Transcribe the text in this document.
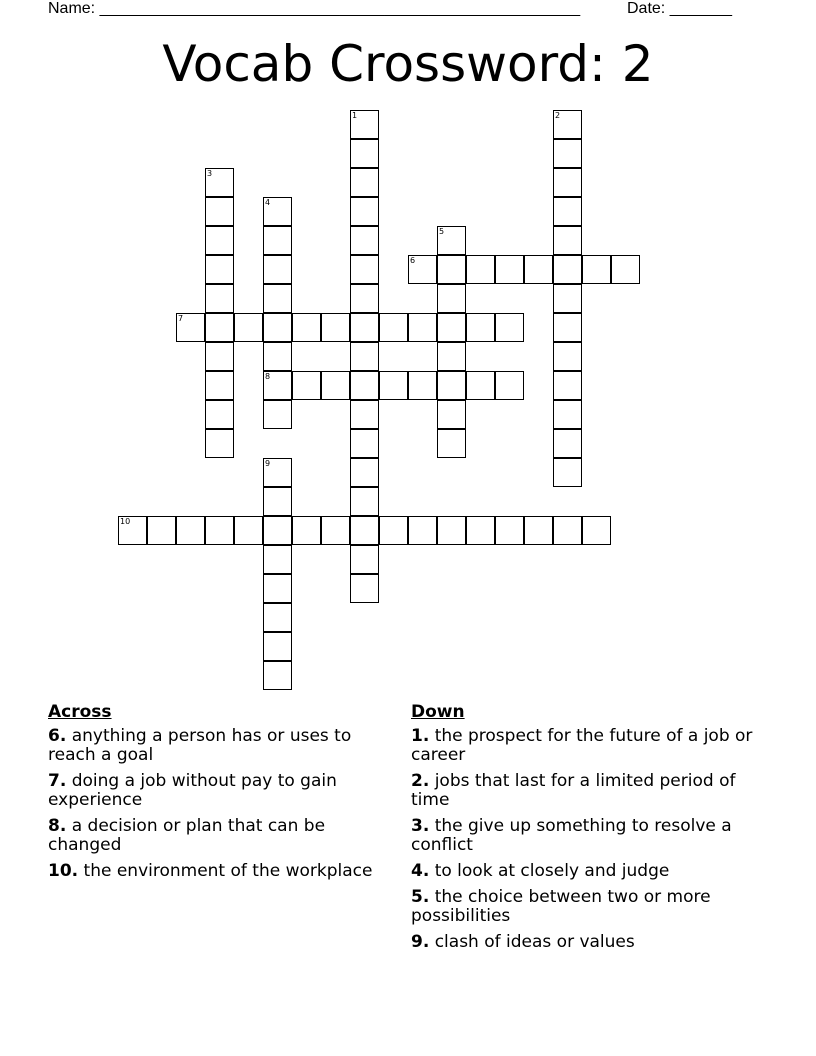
Name: ______________________________________________________	Date: _______
Vocab Crossword: 2
1	2
3
4
8
5
6
7
9
10
Across
6. anything a person has or uses to reach a goal
7. doing a job without pay to gain experience
8. a decision or plan that can be changed
10. the environment of the workplace
Down
1. the prospect for the future of a job or career
2. jobs that last for a limited period of time
3. the give up something to resolve a conflict
4. to look at closely and judge
5. the choice between two or more possibilities
9. clash of ideas or values
